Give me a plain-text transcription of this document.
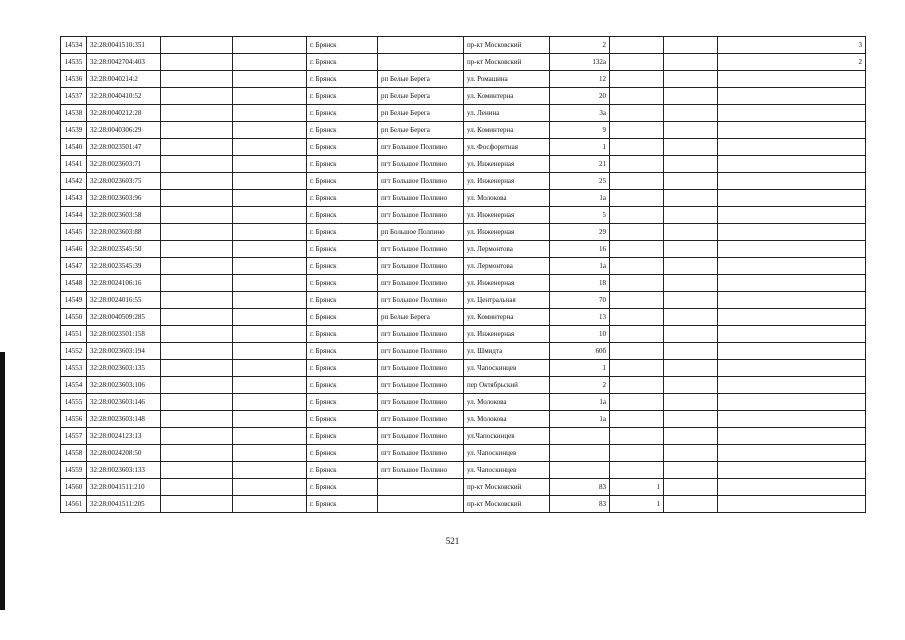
14534	32:28:0041510:351			г. Брянск		пр-кт Московский	2			3
14535	32:28:0042704:403			г. Брянск		пр-кт Московский	132а			2
14536	32:28:0040214:2			г. Брянск	рп Белые Берега	ул. Ромашина	12			
14537	32:28:0040410:52			г. Брянск	рп Белые Берега	ул. Коминтерна	20			
14538	32:28:0040212:28			г. Брянск	рп Белые Берега	ул. Ленина	3а			
14539	32:28:0040306:29			г. Брянск	рп Белые Берега	ул. Коминтерна	9			
14540	32:28:0023501:47			г. Брянск	пгт Большое Полпино	ул. Фосфоритная	1			
14541	32:28:0023603:71			г. Брянск	пгт Большое Полпино	ул. Инженерная	21			
14542	32:28:0023603:75			г. Брянск	пгт Большое Полпино	ул. Инженерная	25			
14543	32:28:0023603:96			г. Брянск	пгт Большое Полпино	ул. Молокова	1а			
14544	32:28:0023603:58			г. Брянск	пгт Большое Полпино	ул. Инженерная	5			
14545	32:28:0023603:88			г. Брянск	рп Большое Полпино	ул. Инженерная	29			
14546	32:28:0023545:50			г. Брянск	пгт Большое Полпино	ул. Лермонтова	16			
14547	32:28:0023545:39			г. Брянск	пгт Большое Полпино	ул. Лермонтова	1а			
14548	32:28:0024106:16			г. Брянск	пгт Большое Полпино	ул. Инженерная	18			
14549	32:28:0024016:55			г. Брянск	пгт Большое Полпино	ул. Центральная	70			
14550	32:28:0040509:285			г. Брянск	рп Белые Берега	ул. Коминтерна	13			
14551	32:28:0023501:158			г. Брянск	пгт Большое Полпино	ул. Инженерная	10			
14552	32:28:0023603:194			г. Брянск	пгт Большое Полпино	ул. Шмидта	60б			
14553	32:28:0023603:135			г. Брянск	пгт Большое Полпино	ул. Чапоскинцев	1			
14554	32:28:0023603:106			г. Брянск	пгт Большое Полпино	пер Октябрьский	2			
14555	32:28:0023603:146			г. Брянск	пгт Большое Полпино	ул. Молокова	1а			
14556	32:28:0023603:148			г. Брянск	пгт Большое Полпино	ул. Молокова	1а			
14557	32:28:0024123:13			г. Брянск	пгт Большое Полпино	ул.Чапоскинцев				
14558	32:28:0024208:50			г. Брянск	пгт Большое Полпино	ул. Чапоскинцев				
14559	32:28:0023603:133			г. Брянск	пгт Большое Полпино	ул. Чапоскинцев				
14560	32:28:0041511:210			г. Брянск		пр-кт Московский	83	1		
14561	32:28:0041511:205			г. Брянск		пр-кт Московский	83	1		
521
